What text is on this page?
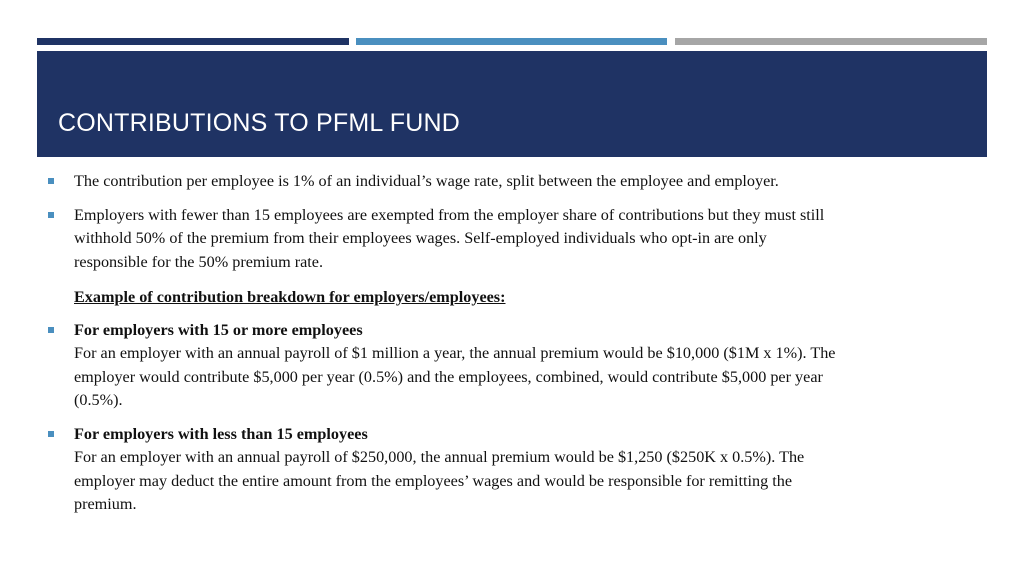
CONTRIBUTIONS TO PFML FUND

The contribution per employee is 1% of an individual’s wage rate, split between the employee and employer.

Employers with fewer than 15 employees are exempted from the employer share of contributions but they must still

withhold 50% of the premium from their employees wages. Self-employed individuals who opt-in are only

responsible for the 50% premium rate.

Example of contribution breakdown for employers/employees:

For employers with 15 or more employees

For an employer with an annual payroll of $1 million a year, the annual premium would be $10,000 ($1M x 1%). The

employer would contribute $5,000 per year (0.5%) and the employees, combined, would contribute $5,000 per year

(0.5%).

For employers with less than 15 employees

For an employer with an annual payroll of $250,000, the annual premium would be $1,250 ($250K x 0.5%). The

employer may deduct the entire amount from the employees’ wages and would be responsible for remitting the

premium.
